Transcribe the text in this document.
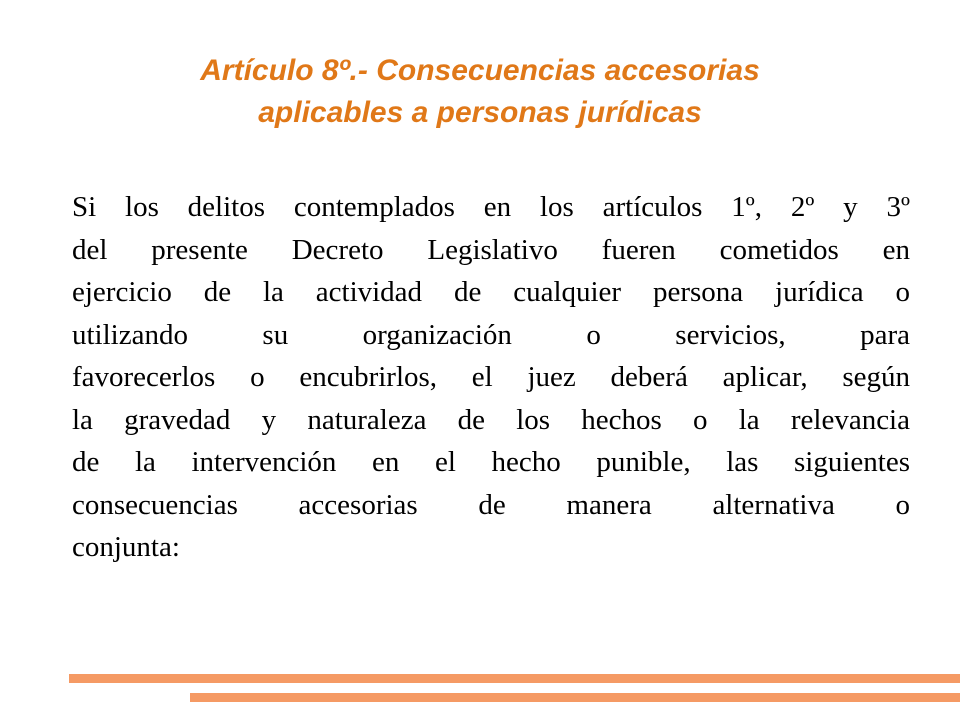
Artículo 8º.- Consecuencias accesorias
aplicables a personas jurídicas

Si los delitos contemplados en los artículos 1º, 2º y 3º
del presente Decreto Legislativo fueren cometidos en
ejercicio de la actividad de cualquier persona jurídica o
utilizando su organización o servicios, para
favorecerlos o encubrirlos, el juez deberá aplicar, según
la gravedad y naturaleza de los hechos o la relevancia
de la intervención en el hecho punible, las siguientes
consecuencias accesorias de manera alternativa o
conjunta:
